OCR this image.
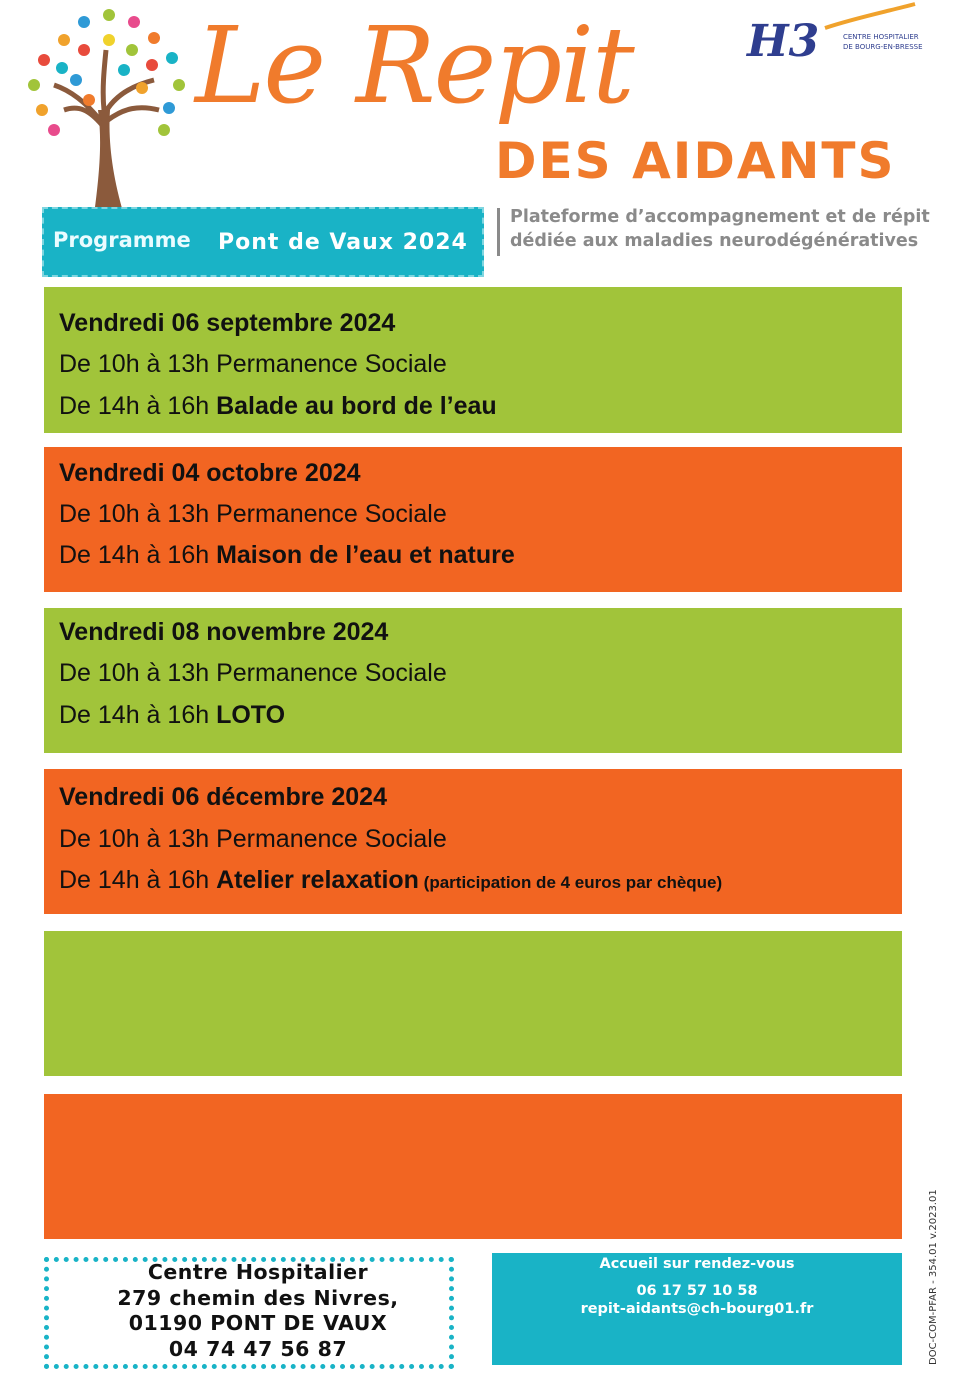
Le Repit
DES AIDANTS
H3	CENTRE HOSPITALIER
DE BOURG-EN-BRESSE
Programme Pont de Vaux 2024
Plateforme d’accompagnement et de répit
dédiée aux maladies neurodégénératives
Vendredi 06 septembre 2024
De 10h à 13h Permanence Sociale
De 14h à 16h Balade au bord de l’eau
Vendredi 04 octobre 2024
De 10h à 13h Permanence Sociale
De 14h à 16h Maison de l’eau et nature
Vendredi 08 novembre 2024
De 10h à 13h Permanence Sociale
De 14h à 16h LOTO
Vendredi 06 décembre 2024
De 10h à 13h Permanence Sociale
De 14h à 16h Atelier relaxation (participation de 4 euros par chèque)
Centre Hospitalier
279 chemin des Nivres,
01190 PONT DE VAUX
04 74 47 56 87
Accueil sur rendez-vous
06 17 57 10 58
repit-aidants@ch-bourg01.fr	DOC-COM-PFAR - 354.01 v.2023.01
